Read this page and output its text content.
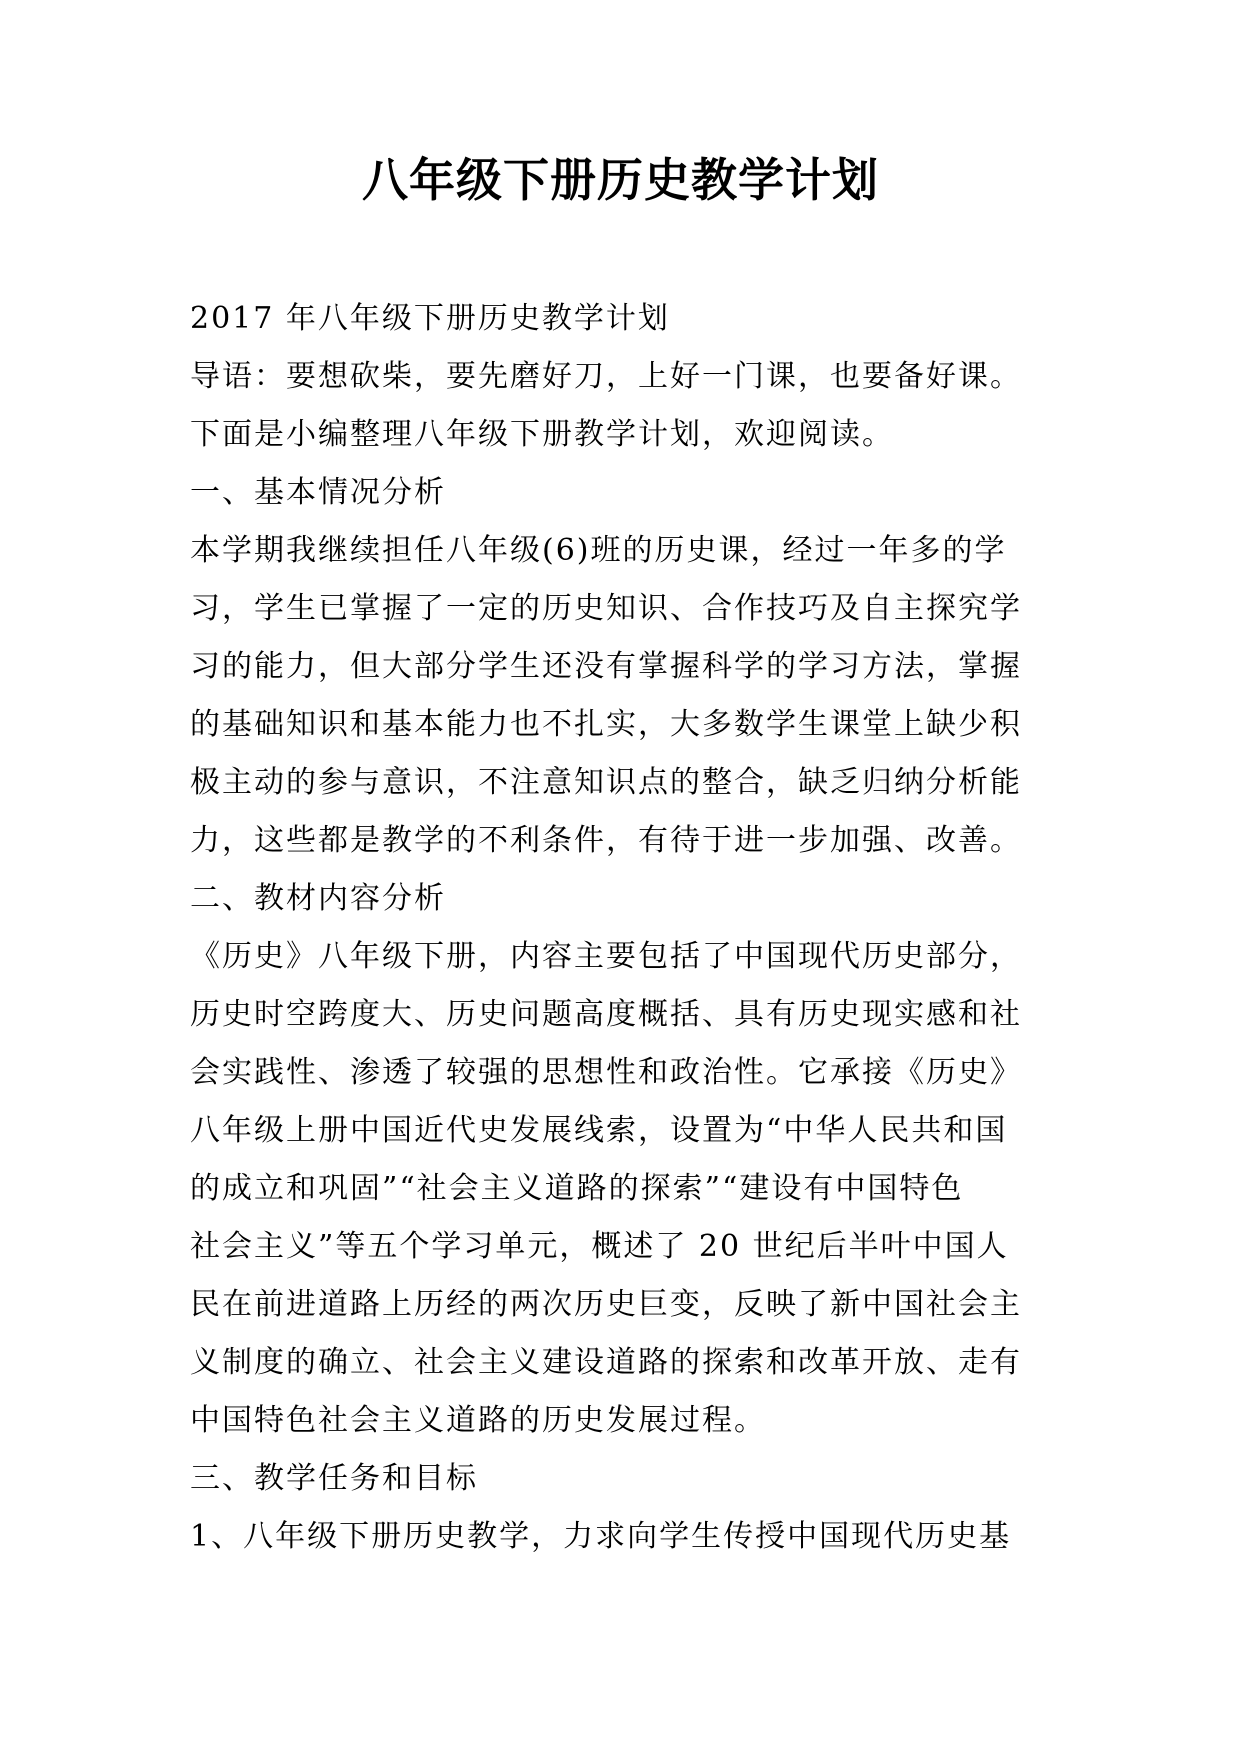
八年级下册历史教学计划
2017 年八年级下册历史教学计划
导语：要想砍柴，要先磨好刀，上好一门课，也要备好课。
下面是小编整理八年级下册教学计划，欢迎阅读。
一、基本情况分析
本学期我继续担任八年级(6)班的历史课，经过一年多的学
习，学生已掌握了一定的历史知识、合作技巧及自主探究学
习的能力，但大部分学生还没有掌握科学的学习方法，掌握
的基础知识和基本能力也不扎实，大多数学生课堂上缺少积
极主动的参与意识，不注意知识点的整合，缺乏归纳分析能
力，这些都是教学的不利条件，有待于进一步加强、改善。
二、教材内容分析
《历史》八年级下册，内容主要包括了中国现代历史部分，
历史时空跨度大、历史问题高度概括、具有历史现实感和社
会实践性、渗透了较强的思想性和政治性。它承接《历史》
八年级上册中国近代史发展线索，设置为“中华人民共和国
的成立和巩固”“社会主义道路的探索”“建设有中国特色
社会主义”等五个学习单元，概述了 20 世纪后半叶中国人
民在前进道路上历经的两次历史巨变，反映了新中国社会主
义制度的确立、社会主义建设道路的探索和改革开放、走有
中国特色社会主义道路的历史发展过程。
三、教学任务和目标
1、八年级下册历史教学，力求向学生传授中国现代历史基
